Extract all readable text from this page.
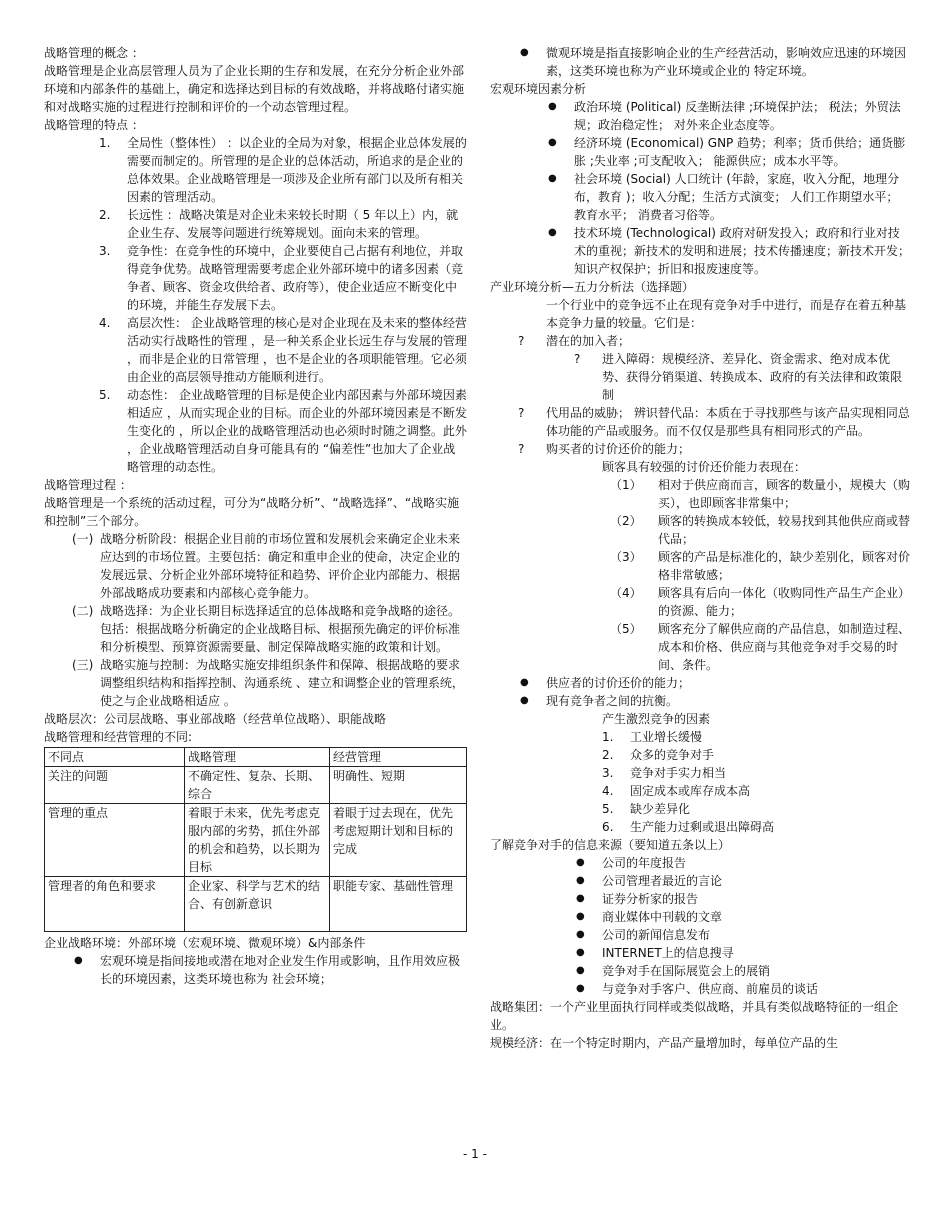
战略管理的概念 ：

战略管理是企业高层管理人员为了企业长期的生存和发展，在充分分析企业外部环境和内部条件的基础上，确定和选择达到目标的有效战略，并将战略付诸实施和对战略实施的过程进行控制和评价的一个动态管理过程。

战略管理的特点 ：

1. 全局性（整体性） ：以企业的全局为对象，根据企业总体发展的需要而制定的。所管理的是企业的总体活动，所追求的是企业的总体效果。企业战略管理是一项涉及企业所有部门以及所有相关因素的管理活动。
2. 长远性 ：战略决策是对企业未来较长时期（ 5 年以上）内，就企业生存、发展等问题进行统筹规划。面向未来的管理。
3. 竞争性：在竞争性的环境中，企业要使自己占据有利地位，并取得竞争优势。战略管理需要考虑企业外部环境中的诸多因素（竞争者、顾客、资金攻供给者、政府等），使企业适应不断变化中的环境，并能生存发展下去。
4. 高层次性： 企业战略管理的核心是对企业现在及未来的整体经营活动实行战略性的管理 ，是一种关系企业长远生存与发展的管理 ，而非是企业的日常管理 ，也不是企业的各项职能管理。它必须由企业的高层领导推动方能顺利进行。
5. 动态性： 企业战略管理的目标是使企业内部因素与外部环境因素相适应 ，从而实现企业的目标。而企业的外部环境因素是不断发生变化的 ，所以企业的战略管理活动也必须时时随之调整。此外 ，企业战略管理活动自身可能具有的 “偏差性”也加大了企业战略管理的动态性。

战略管理过程 ：

战略管理是一个系统的活动过程，可分为“战略分析”、“战略选择”、“战略实施和控制”三个部分。

(一) 战略分析阶段：根据企业目前的市场位置和发展机会来确定企业未来应达到的市场位置。主要包括：确定和重申企业的使命，决定企业的发展远景、分析企业外部环境特征和趋势、评价企业内部能力、根据外部战略成功要素和内部核心竞争能力。
(二) 战略选择：为企业长期目标选择适宜的总体战略和竞争战略的途径。包括：根据战略分析确定的企业战略目标、根据预先确定的评价标准和分析模型、预算资源需要量、制定保障战略实施的政策和计划。
(三) 战略实施与控制：为战略实施安排组织条件和保障、根据战略的要求调整组织结构和指挥控制、沟通系统 、建立和调整企业的管理系统，使之与企业战略相适应 。

战略层次：公司层战略、事业部战略（经营单位战略）、职能战略

战略管理和经营管理的不同:

不同点	战略管理	经营管理
关注的问题	不确定性、复杂、长期、综合	明确性、短期
管理的重点	着眼于未来，优先考虑克服内部的劣势，抓住外部的机会和趋势，以长期为目标	着眼于过去现在，优先考虑短期计划和目标的完成
管理者的角色和要求	企业家、科学与艺术的结合、有创新意识	职能专家、基础性管理

企业战略环境：外部环境（宏观环境、微观环境）&内部条件

● 宏观环境是指间接地或潜在地对企业发生作用或影响，且作用效应极长的环境因素，这类环境也称为 社会环境；
● 微观环境是指直接影响企业的生产经营活动，影响效应迅速的环境因素，这类环境也称为产业环境或企业的 特定环境。

宏观环境因素分析

● 政治环境 (Political) 反垄断法律 ;环境保护法； 税法；外贸法规；政治稳定性； 对外来企业态度等。
● 经济环境 (Economical) GNP 趋势；利率；货币供给；通货膨胀 ;失业率 ;可支配收入； 能源供应；成本水平等。
● 社会环境 (Social) 人口统计 (年龄，家庭，收入分配，地理分布，教育 )；收入分配；生活方式演变； 人们工作期望水平；教育水平； 消费者习俗等。
● 技术环境 (Technological) 政府对研发投入；政府和行业对技术的重视；新技术的发明和进展；技术传播速度；新技术开发；知识产权保护；折旧和报废速度等。

产业环境分析—五力分析法（选择题）

一个行业中的竞争远不止在现有竞争对手中进行，而是存在着五种基本竞争力量的较量。它们是：

? 潜在的加入者；
? 进入障碍：规模经济、差异化、资金需求、绝对成本优势、获得分销渠道、转换成本、政府的有关法律和政策限制
? 代用品的威胁； 辨识替代品：本质在于寻找那些与该产品实现相同总体功能的产品或服务。而不仅仅是那些具有相同形式的产品。
? 购买者的讨价还价的能力；

顾客具有较强的讨价还价能力表现在：

（1） 相对于供应商而言，顾客的数量小，规模大（购买），也即顾客非常集中；
（2） 顾客的转换成本较低，较易找到其他供应商或替代品；
（3） 顾客的产品是标准化的，缺少差别化，顾客对价格非常敏感；
（4） 顾客具有后向一体化（收购同性产品生产企业）的资源、能力；
（5） 顾客充分了解供应商的产品信息，如制造过程、成本和价格、供应商与其他竞争对手交易的时间、条件。
● 供应者的讨价还价的能力；
● 现有竞争者之间的抗衡。

产生激烈竞争的因素

1. 工业增长缓慢
2. 众多的竞争对手
3. 竞争对手实力相当
4. 固定成本或库存成本高
5. 缺少差异化
6. 生产能力过剩或退出障碍高

了解竞争对手的信息来源（要知道五条以上）

● 公司的年度报告
● 公司管理者最近的言论
● 证券分析家的报告
● 商业媒体中刊载的文章
● 公司的新闻信息发布
● INTERNET上的信息搜寻
● 竞争对手在国际展览会上的展销
● 与竞争对手客户、供应商、前雇员的谈话

战略集团：一个产业里面执行同样或类似战略，并具有类似战略特征的一组企业。

规模经济：在一个特定时期内，产品产量增加时，每单位产品的生

- 1 -
